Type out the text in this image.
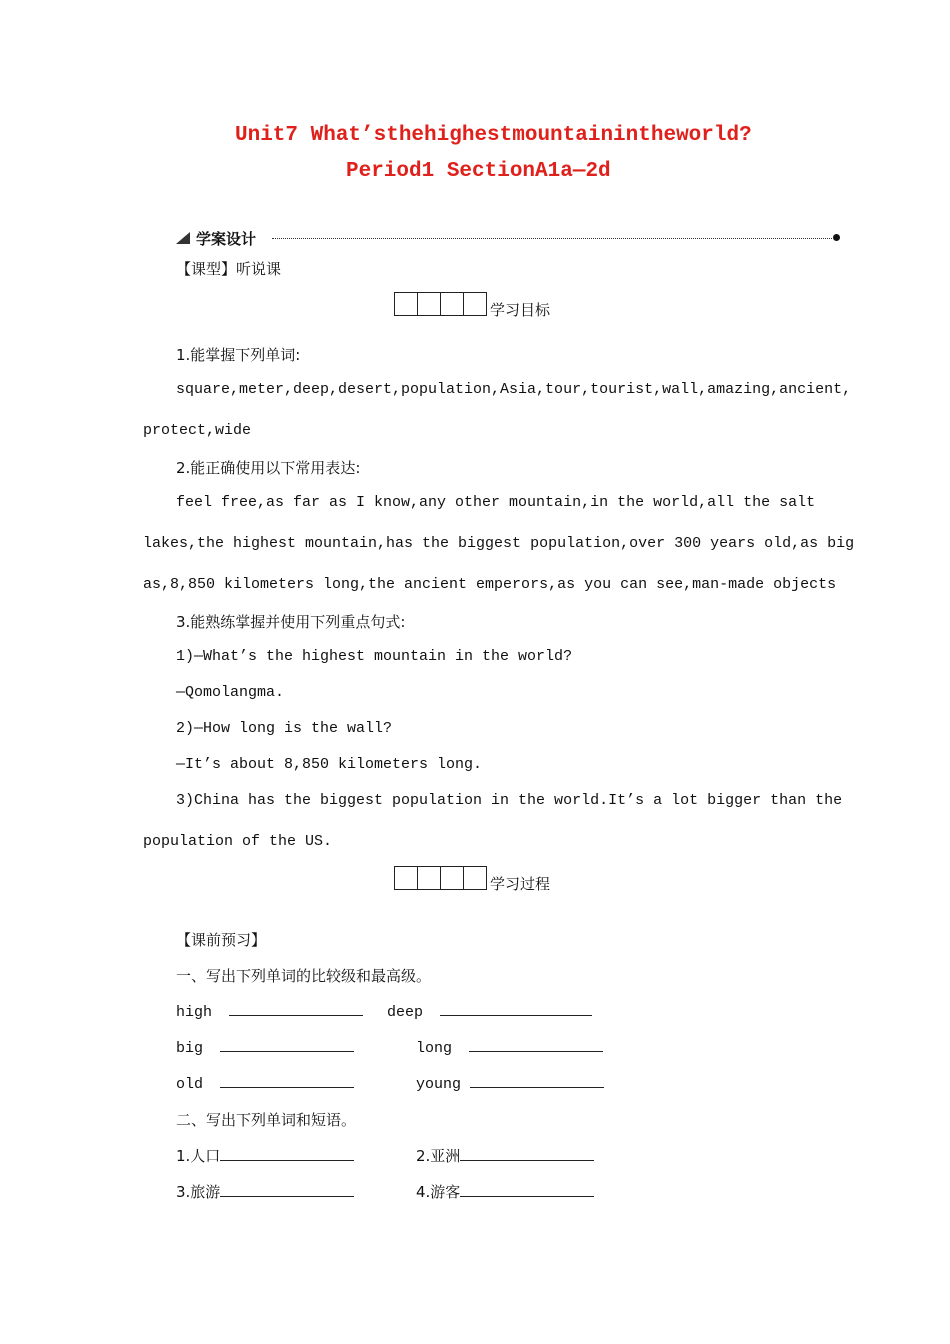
Unit7 What’sthehighestmountainintheworld?
Period1 SectionA1a—2d
学案设计
【课型】听说课
学习目标
1.能掌握下列单词:
square,meter,deep,desert,population,Asia,tour,tourist,wall,amazing,ancient,
protect,wide
2.能正确使用以下常用表达:
feel free,as far as I know,any other mountain,in the world,all the salt
lakes,the highest mountain,has the biggest population,over 300 years old,as big
as,8,850 kilometers long,the ancient emperors,as you can see,man-made objects
3.能熟练掌握并使用下列重点句式:
1)—What’s the highest mountain in the world?
—Qomolangma.
2)—How long is the wall?
—It’s about 8,850 kilometers long.
3)China has the biggest population in the world.It’s a lot bigger than the
population of the US.
学习过程
【课前预习】
一、写出下列单词的比较级和最高级。
high	deep
big	long
old	young
二、写出下列单词和短语。
1.人口	2.亚洲
3.旅游	4.游客
